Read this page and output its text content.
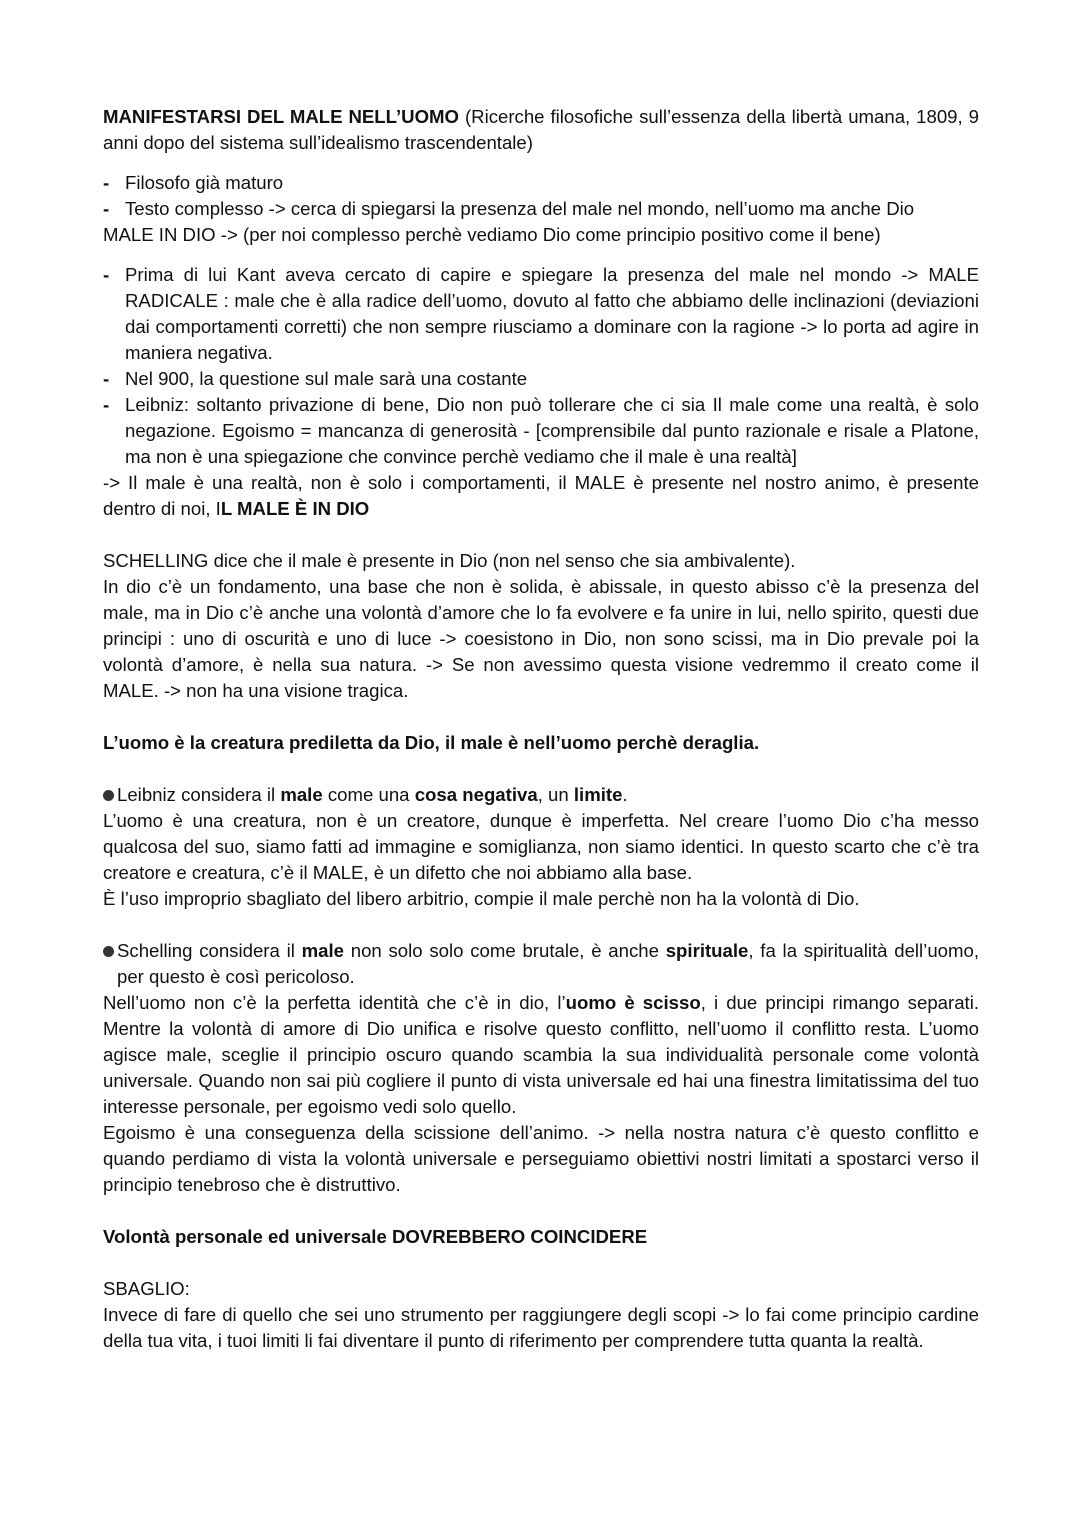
MANIFESTARSI DEL MALE NELL’UOMO (Ricerche filosofiche sull’essenza della libertà umana, 1809, 9 anni dopo del sistema sull’idealismo trascendentale)

- Filosofo già maturo
- Testo complesso -> cerca di spiegarsi la presenza del male nel mondo, nell’uomo ma anche Dio

MALE IN DIO -> (per noi complesso perchè vediamo Dio come principio positivo come il bene)

- Prima di lui Kant aveva cercato di capire e spiegare la presenza del male nel mondo -> MALE RADICALE : male che è alla radice dell’uomo, dovuto al fatto che abbiamo delle inclinazioni (deviazioni dai comportamenti corretti) che non sempre riusciamo a dominare con la ragione -> lo porta ad agire in maniera negativa.
- Nel 900, la questione sul male sarà una costante
- Leibniz: soltanto privazione di bene, Dio non può tollerare che ci sia Il male come una realtà, è solo negazione. Egoismo = mancanza di generosità - [comprensibile dal punto razionale e risale a Platone, ma non è una spiegazione che convince perchè vediamo che il male è una realtà]

-> Il male è una realtà, non è solo i comportamenti, il MALE è presente nel nostro animo, è presente dentro di noi, IL MALE È IN DIO

SCHELLING dice che il male è presente in Dio (non nel senso che sia ambivalente).

In dio c’è un fondamento, una base che non è solida, è abissale, in questo abisso c’è la presenza del male, ma in Dio c’è anche una volontà d’amore che lo fa evolvere e fa unire in lui, nello spirito, questi due principi : uno di oscurità e uno di luce -> coesistono in Dio, non sono scissi, ma in Dio prevale poi la volontà d’amore, è nella sua natura. -> Se non avessimo questa visione vedremmo il creato come il MALE. -> non ha una visione tragica.

L’uomo è la creatura prediletta da Dio, il male è nell’uomo perchè deraglia.

Leibniz considera il male come una cosa negativa, un limite.

L’uomo è una creatura, non è un creatore, dunque è imperfetta. Nel creare l’uomo Dio c’ha messo qualcosa del suo, siamo fatti ad immagine e somiglianza, non siamo identici. In questo scarto che c’è tra creatore e creatura, c’è il MALE, è un difetto che noi abbiamo alla base.

È l’uso improprio sbagliato del libero arbitrio, compie il male perchè non ha la volontà di Dio.

Schelling considera il male non solo solo come brutale, è anche spirituale, fa la spiritualità dell’uomo, per questo è così pericoloso.

Nell’uomo non c’è la perfetta identità che c’è in dio, l’uomo è scisso, i due principi rimango separati. Mentre la volontà di amore di Dio unifica e risolve questo conflitto, nell’uomo il conflitto resta. L’uomo agisce male, sceglie il principio oscuro quando scambia la sua individualità personale come volontà universale. Quando non sai più cogliere il punto di vista universale ed hai una finestra limitatissima del tuo interesse personale, per egoismo vedi solo quello.

Egoismo è una conseguenza della scissione dell’animo. -> nella nostra natura c’è questo conflitto e quando perdiamo di vista la volontà universale e perseguiamo obiettivi nostri limitati a spostarci verso il principio tenebroso che è distruttivo.

Volontà personale ed universale DOVREBBERO COINCIDERE

SBAGLIO:

Invece di fare di quello che sei uno strumento per raggiungere degli scopi -> lo fai come principio cardine della tua vita, i tuoi limiti li fai diventare il punto di riferimento per comprendere tutta quanta la realtà.
